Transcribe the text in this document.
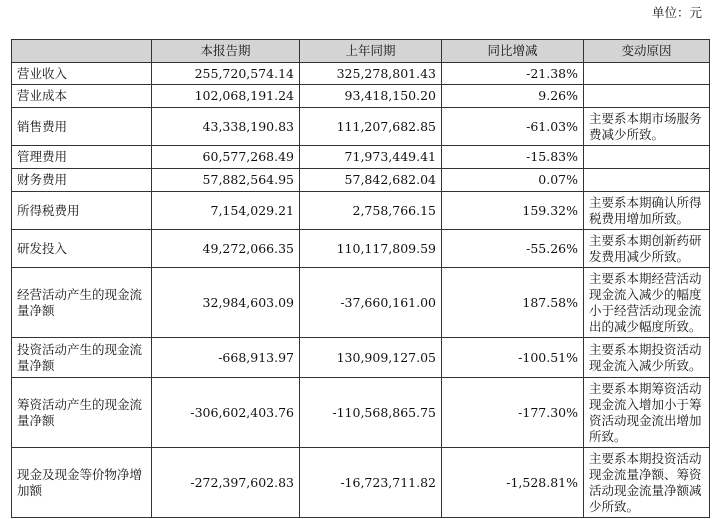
单位：元
	本报告期	上年同期	同比增减	变动原因
营业收入	255,720,574.14	325,278,801.43	-21.38%	
营业成本	102,068,191.24	93,418,150.20	9.26%	
销售费用	43,338,190.83	111,207,682.85	-61.03%	主要系本期市场服务费减少所致。
管理费用	60,577,268.49	71,973,449.41	-15.83%	
财务费用	57,882,564.95	57,842,682.04	0.07%	
所得税费用	7,154,029.21	2,758,766.15	159.32%	主要系本期确认所得税费用增加所致。
研发投入	49,272,066.35	110,117,809.59	-55.26%	主要系本期创新药研发费用减少所致。
经营活动产生的现金流量净额	32,984,603.09	-37,660,161.00	187.58%	主要系本期经营活动现金流入减少的幅度小于经营活动现金流出的减少幅度所致。
投资活动产生的现金流量净额	-668,913.97	130,909,127.05	-100.51%	主要系本期投资活动现金流入减少所致。
筹资活动产生的现金流量净额	-306,602,403.76	-110,568,865.75	-177.30%	主要系本期筹资活动现金流入增加小于筹资活动现金流出增加所致。
现金及现金等价物净增加额	-272,397,602.83	-16,723,711.82	-1,528.81%	主要系本期投资活动现金流量净额、筹资活动现金流量净额减少所致。
